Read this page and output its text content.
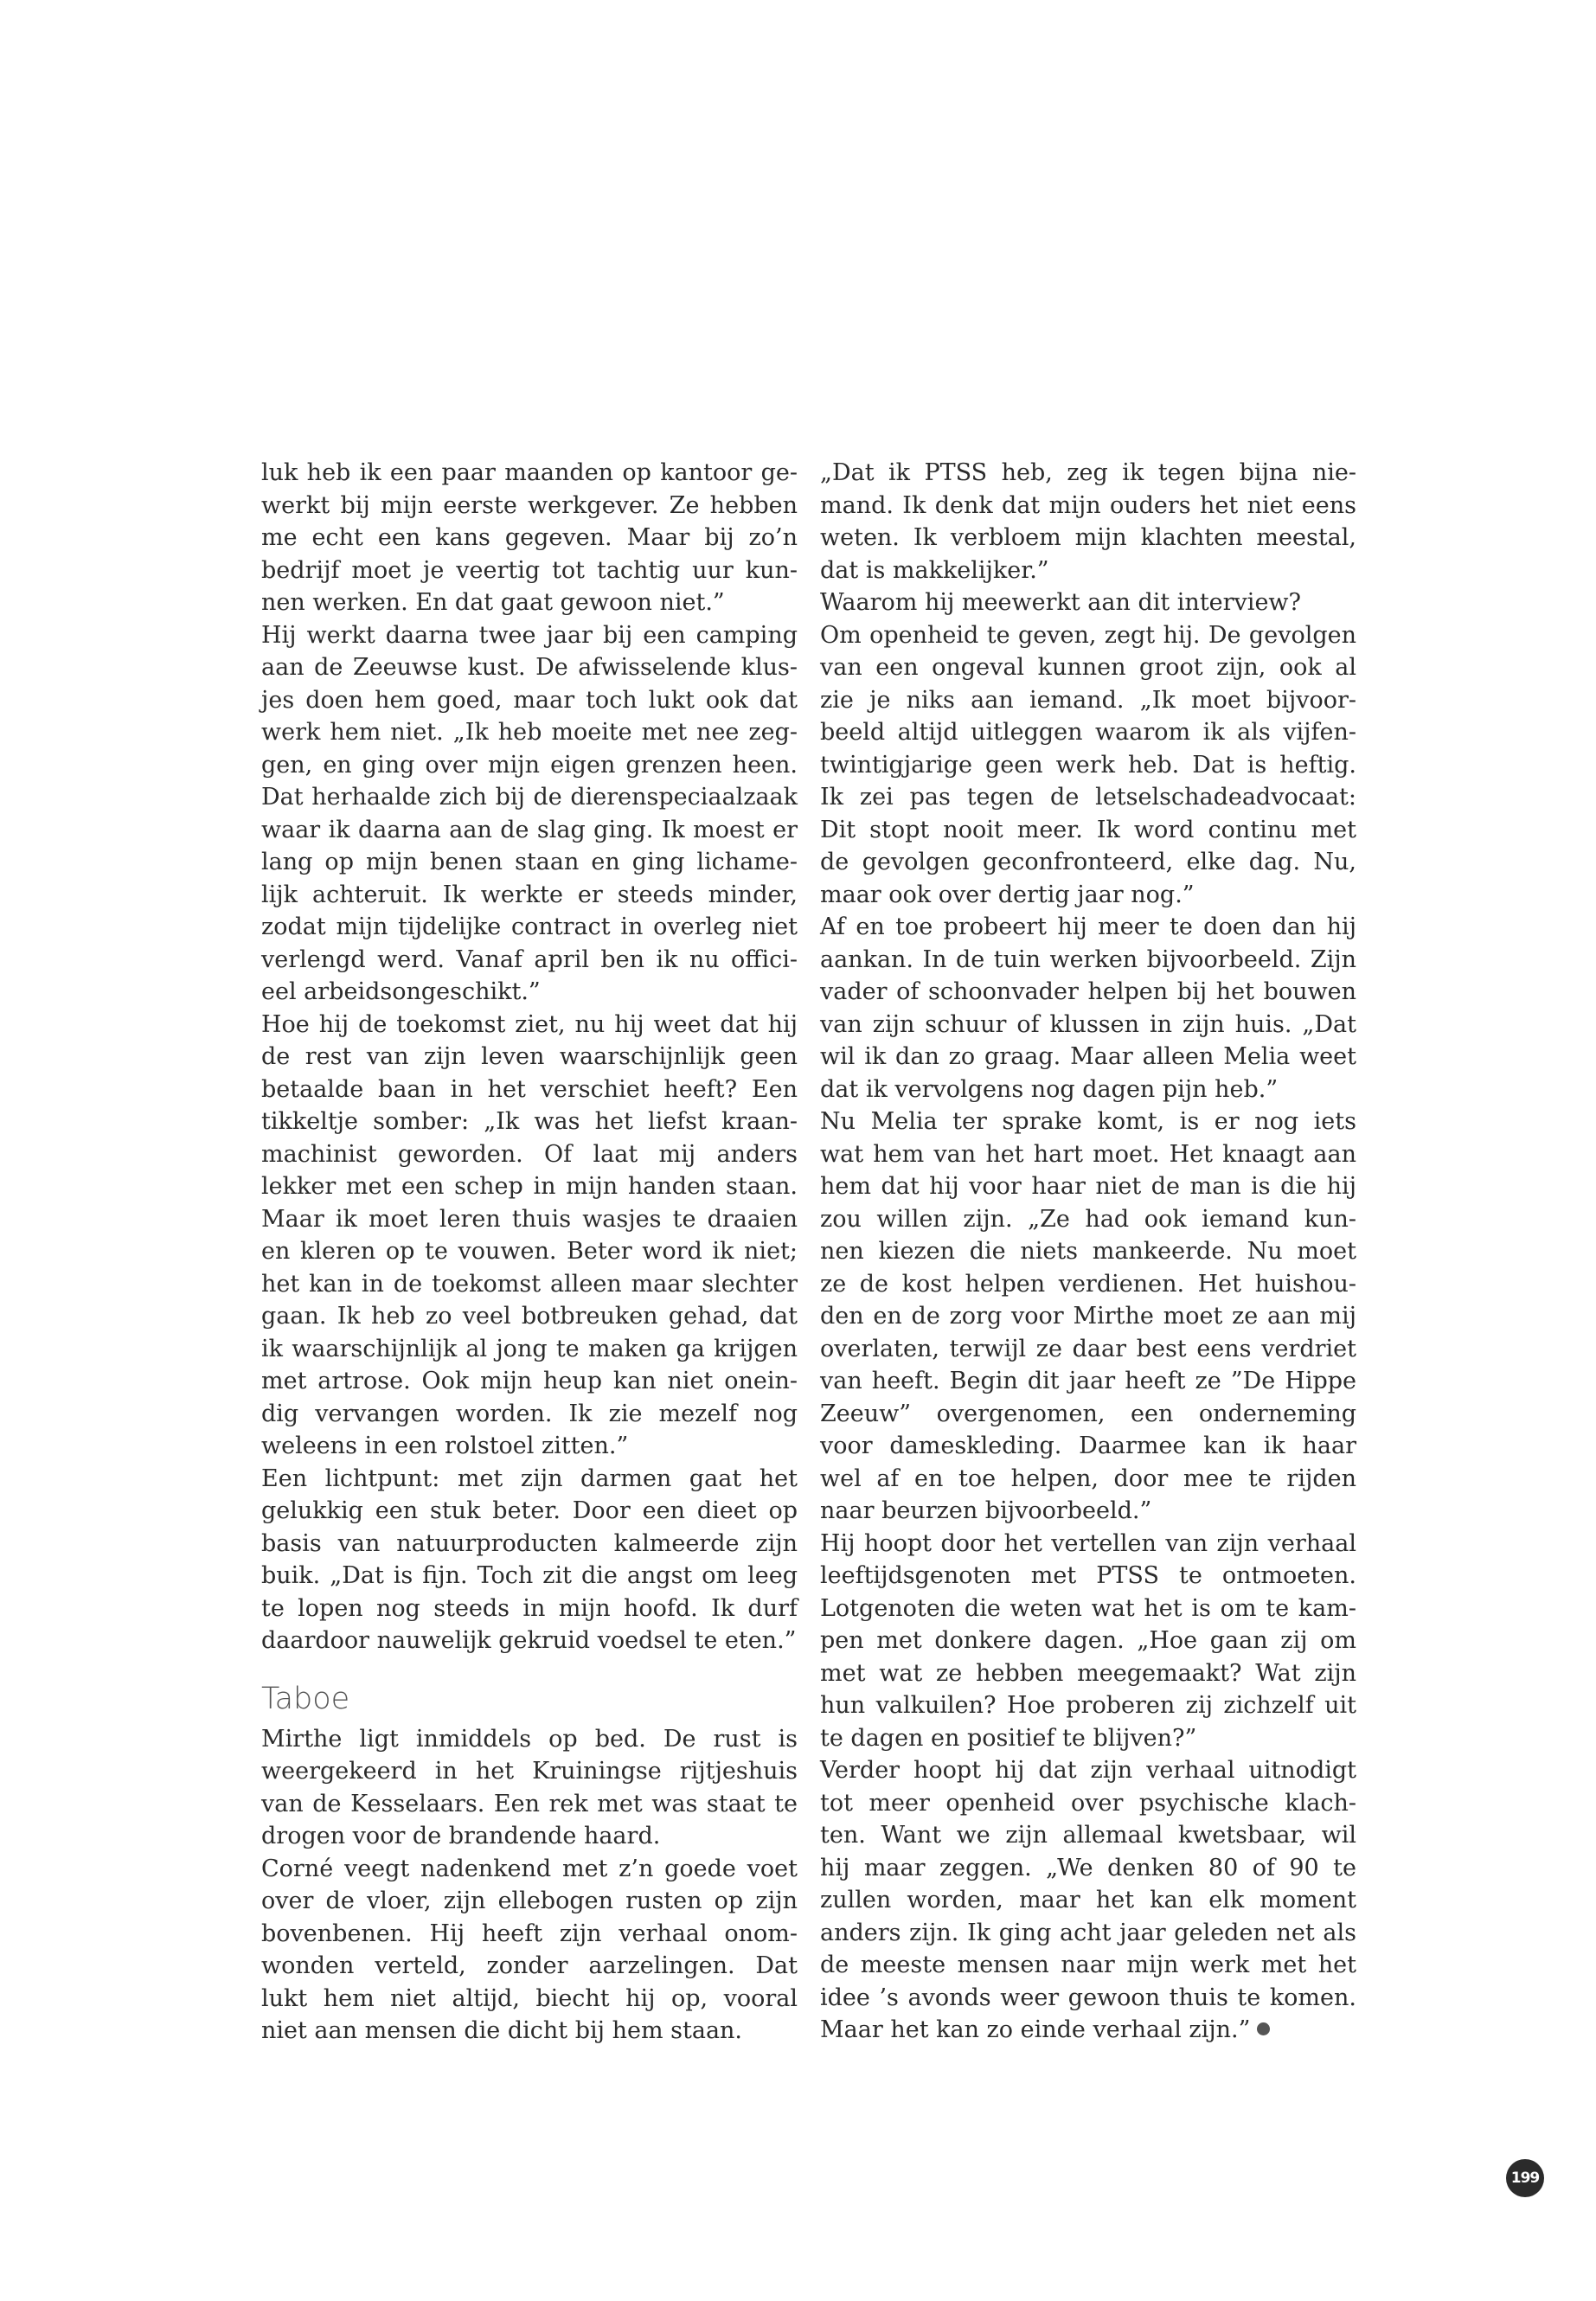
luk heb ik een paar maanden op kantoor ge-
werkt bij mijn eerste werkgever. Ze hebben
me echt een kans gegeven. Maar bij zo’n
bedrijf moet je veertig tot tachtig uur kun-
nen werken. En dat gaat gewoon niet.”
Hij werkt daarna twee jaar bij een camping
aan de Zeeuwse kust. De afwisselende klus-
jes doen hem goed, maar toch lukt ook dat
werk hem niet. „Ik heb moeite met nee zeg-
gen, en ging over mijn eigen grenzen heen.
Dat herhaalde zich bij de dierenspeciaalzaak
waar ik daarna aan de slag ging. Ik moest er
lang op mijn benen staan en ging lichame-
lijk achteruit. Ik werkte er steeds minder,
zodat mijn tijdelijke contract in overleg niet
verlengd werd. Vanaf april ben ik nu offici-
eel arbeidsongeschikt.”
Hoe hij de toekomst ziet, nu hij weet dat hij
de rest van zijn leven waarschijnlijk geen
betaalde baan in het verschiet heeft? Een
tikkeltje somber: „Ik was het liefst kraan-
machinist geworden. Of laat mij anders
lekker met een schep in mijn handen staan.
Maar ik moet leren thuis wasjes te draaien
en kleren op te vouwen. Beter word ik niet;
het kan in de toekomst alleen maar slechter
gaan. Ik heb zo veel botbreuken gehad, dat
ik waarschijnlijk al jong te maken ga krijgen
met artrose. Ook mijn heup kan niet onein-
dig vervangen worden. Ik zie mezelf nog
weleens in een rolstoel zitten.”
Een lichtpunt: met zijn darmen gaat het
gelukkig een stuk beter. Door een dieet op
basis van natuurproducten kalmeerde zijn
buik. „Dat is fijn. Toch zit die angst om leeg
te lopen nog steeds in mijn hoofd. Ik durf
daardoor nauwelijk gekruid voedsel te eten.”
Taboe
Mirthe ligt inmiddels op bed. De rust is
weergekeerd in het Kruiningse rijtjeshuis
van de Kesselaars. Een rek met was staat te
drogen voor de brandende haard.
Corné veegt nadenkend met z’n goede voet
over de vloer, zijn ellebogen rusten op zijn
bovenbenen. Hij heeft zijn verhaal onom-
wonden verteld, zonder aarzelingen. Dat
lukt hem niet altijd, biecht hij op, vooral
niet aan mensen die dicht bij hem staan.
„Dat ik PTSS heb, zeg ik tegen bijna nie-
mand. Ik denk dat mijn ouders het niet eens
weten. Ik verbloem mijn klachten meestal,
dat is makkelijker.”
Waarom hij meewerkt aan dit interview?
Om openheid te geven, zegt hij. De gevolgen
van een ongeval kunnen groot zijn, ook al
zie je niks aan iemand. „Ik moet bijvoor-
beeld altijd uitleggen waarom ik als vijfen-
twintigjarige geen werk heb. Dat is heftig.
Ik zei pas tegen de letselschadeadvocaat:
Dit stopt nooit meer. Ik word continu met
de gevolgen geconfronteerd, elke dag. Nu,
maar ook over dertig jaar nog.”
Af en toe probeert hij meer te doen dan hij
aankan. In de tuin werken bijvoorbeeld. Zijn
vader of schoonvader helpen bij het bouwen
van zijn schuur of klussen in zijn huis. „Dat
wil ik dan zo graag. Maar alleen Melia weet
dat ik vervolgens nog dagen pijn heb.”
Nu Melia ter sprake komt, is er nog iets
wat hem van het hart moet. Het knaagt aan
hem dat hij voor haar niet de man is die hij
zou willen zijn. „Ze had ook iemand kun-
nen kiezen die niets mankeerde. Nu moet
ze de kost helpen verdienen. Het huishou-
den en de zorg voor Mirthe moet ze aan mij
overlaten, terwijl ze daar best eens verdriet
van heeft. Begin dit jaar heeft ze ”De Hippe
Zeeuw” overgenomen, een onderneming
voor dameskleding. Daarmee kan ik haar
wel af en toe helpen, door mee te rijden
naar beurzen bijvoorbeeld.”
Hij hoopt door het vertellen van zijn verhaal
leeftijdsgenoten met PTSS te ontmoeten.
Lotgenoten die weten wat het is om te kam-
pen met donkere dagen. „Hoe gaan zij om
met wat ze hebben meegemaakt? Wat zijn
hun valkuilen? Hoe proberen zij zichzelf uit
te dagen en positief te blijven?”
Verder hoopt hij dat zijn verhaal uitnodigt
tot meer openheid over psychische klach-
ten. Want we zijn allemaal kwetsbaar, wil
hij maar zeggen. „We denken 80 of 90 te
zullen worden, maar het kan elk moment
anders zijn. Ik ging acht jaar geleden net als
de meeste mensen naar mijn werk met het
idee ’s avonds weer gewoon thuis te komen.
Maar het kan zo einde verhaal zijn.”
199
